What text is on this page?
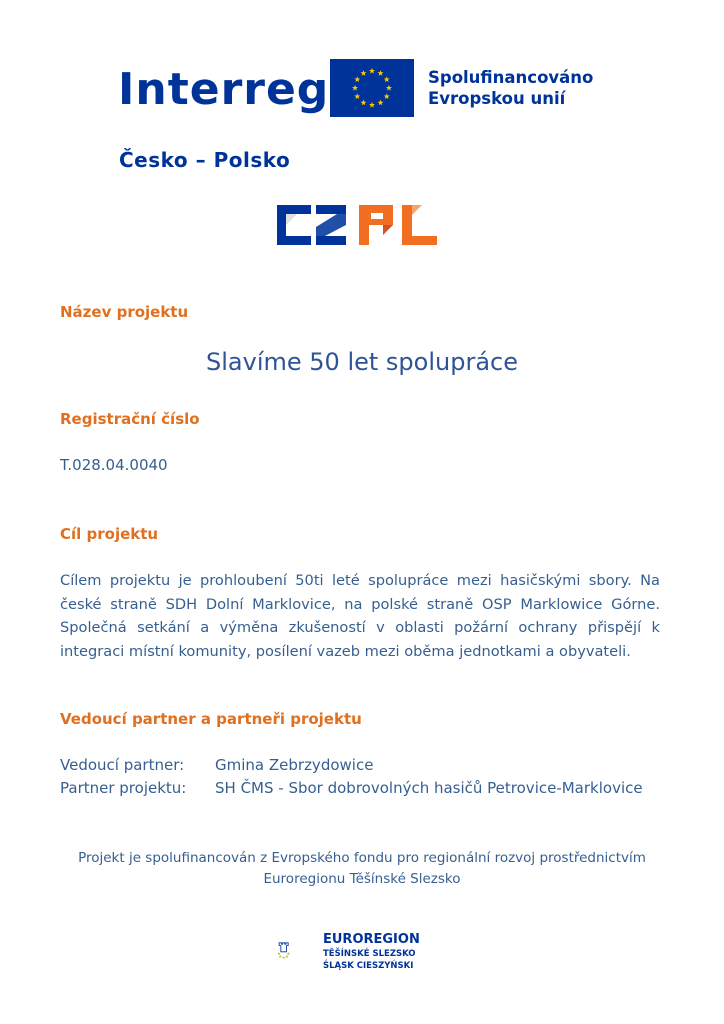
Interreg	Spolufinancováno
Evropskou unií
Česko – Polsko
Název projektu
Slavíme 50 let spolupráce
Registrační číslo
T.028.04.0040
Cíl projektu
Cílem projektu je prohloubení 50ti leté spolupráce mezi hasičskými sbory. Na české straně SDH Dolní Marklovice, na polské straně OSP Marklowice Górne. Společná setkání a výměna zkušeností v oblasti požární ochrany přispějí k integraci místní komunity, posílení vazeb mezi oběma jednotkami a obyvateli.
Vedoucí partner a partneři projektu
Vedoucí partner: Gmina Zebrzydowice
Partner projektu: SH ČMS - Sbor dobrovolných hasičů Petrovice-Marklovice
Projekt je spolufinancován z Evropského fondu pro regionální rozvoj prostřednictvím
Euroregionu Těšínské Slezsko
EUROREGION
TĚŠÍNSKÉ SLEZSKO
ŚLĄSK CIESZYŃSKI
